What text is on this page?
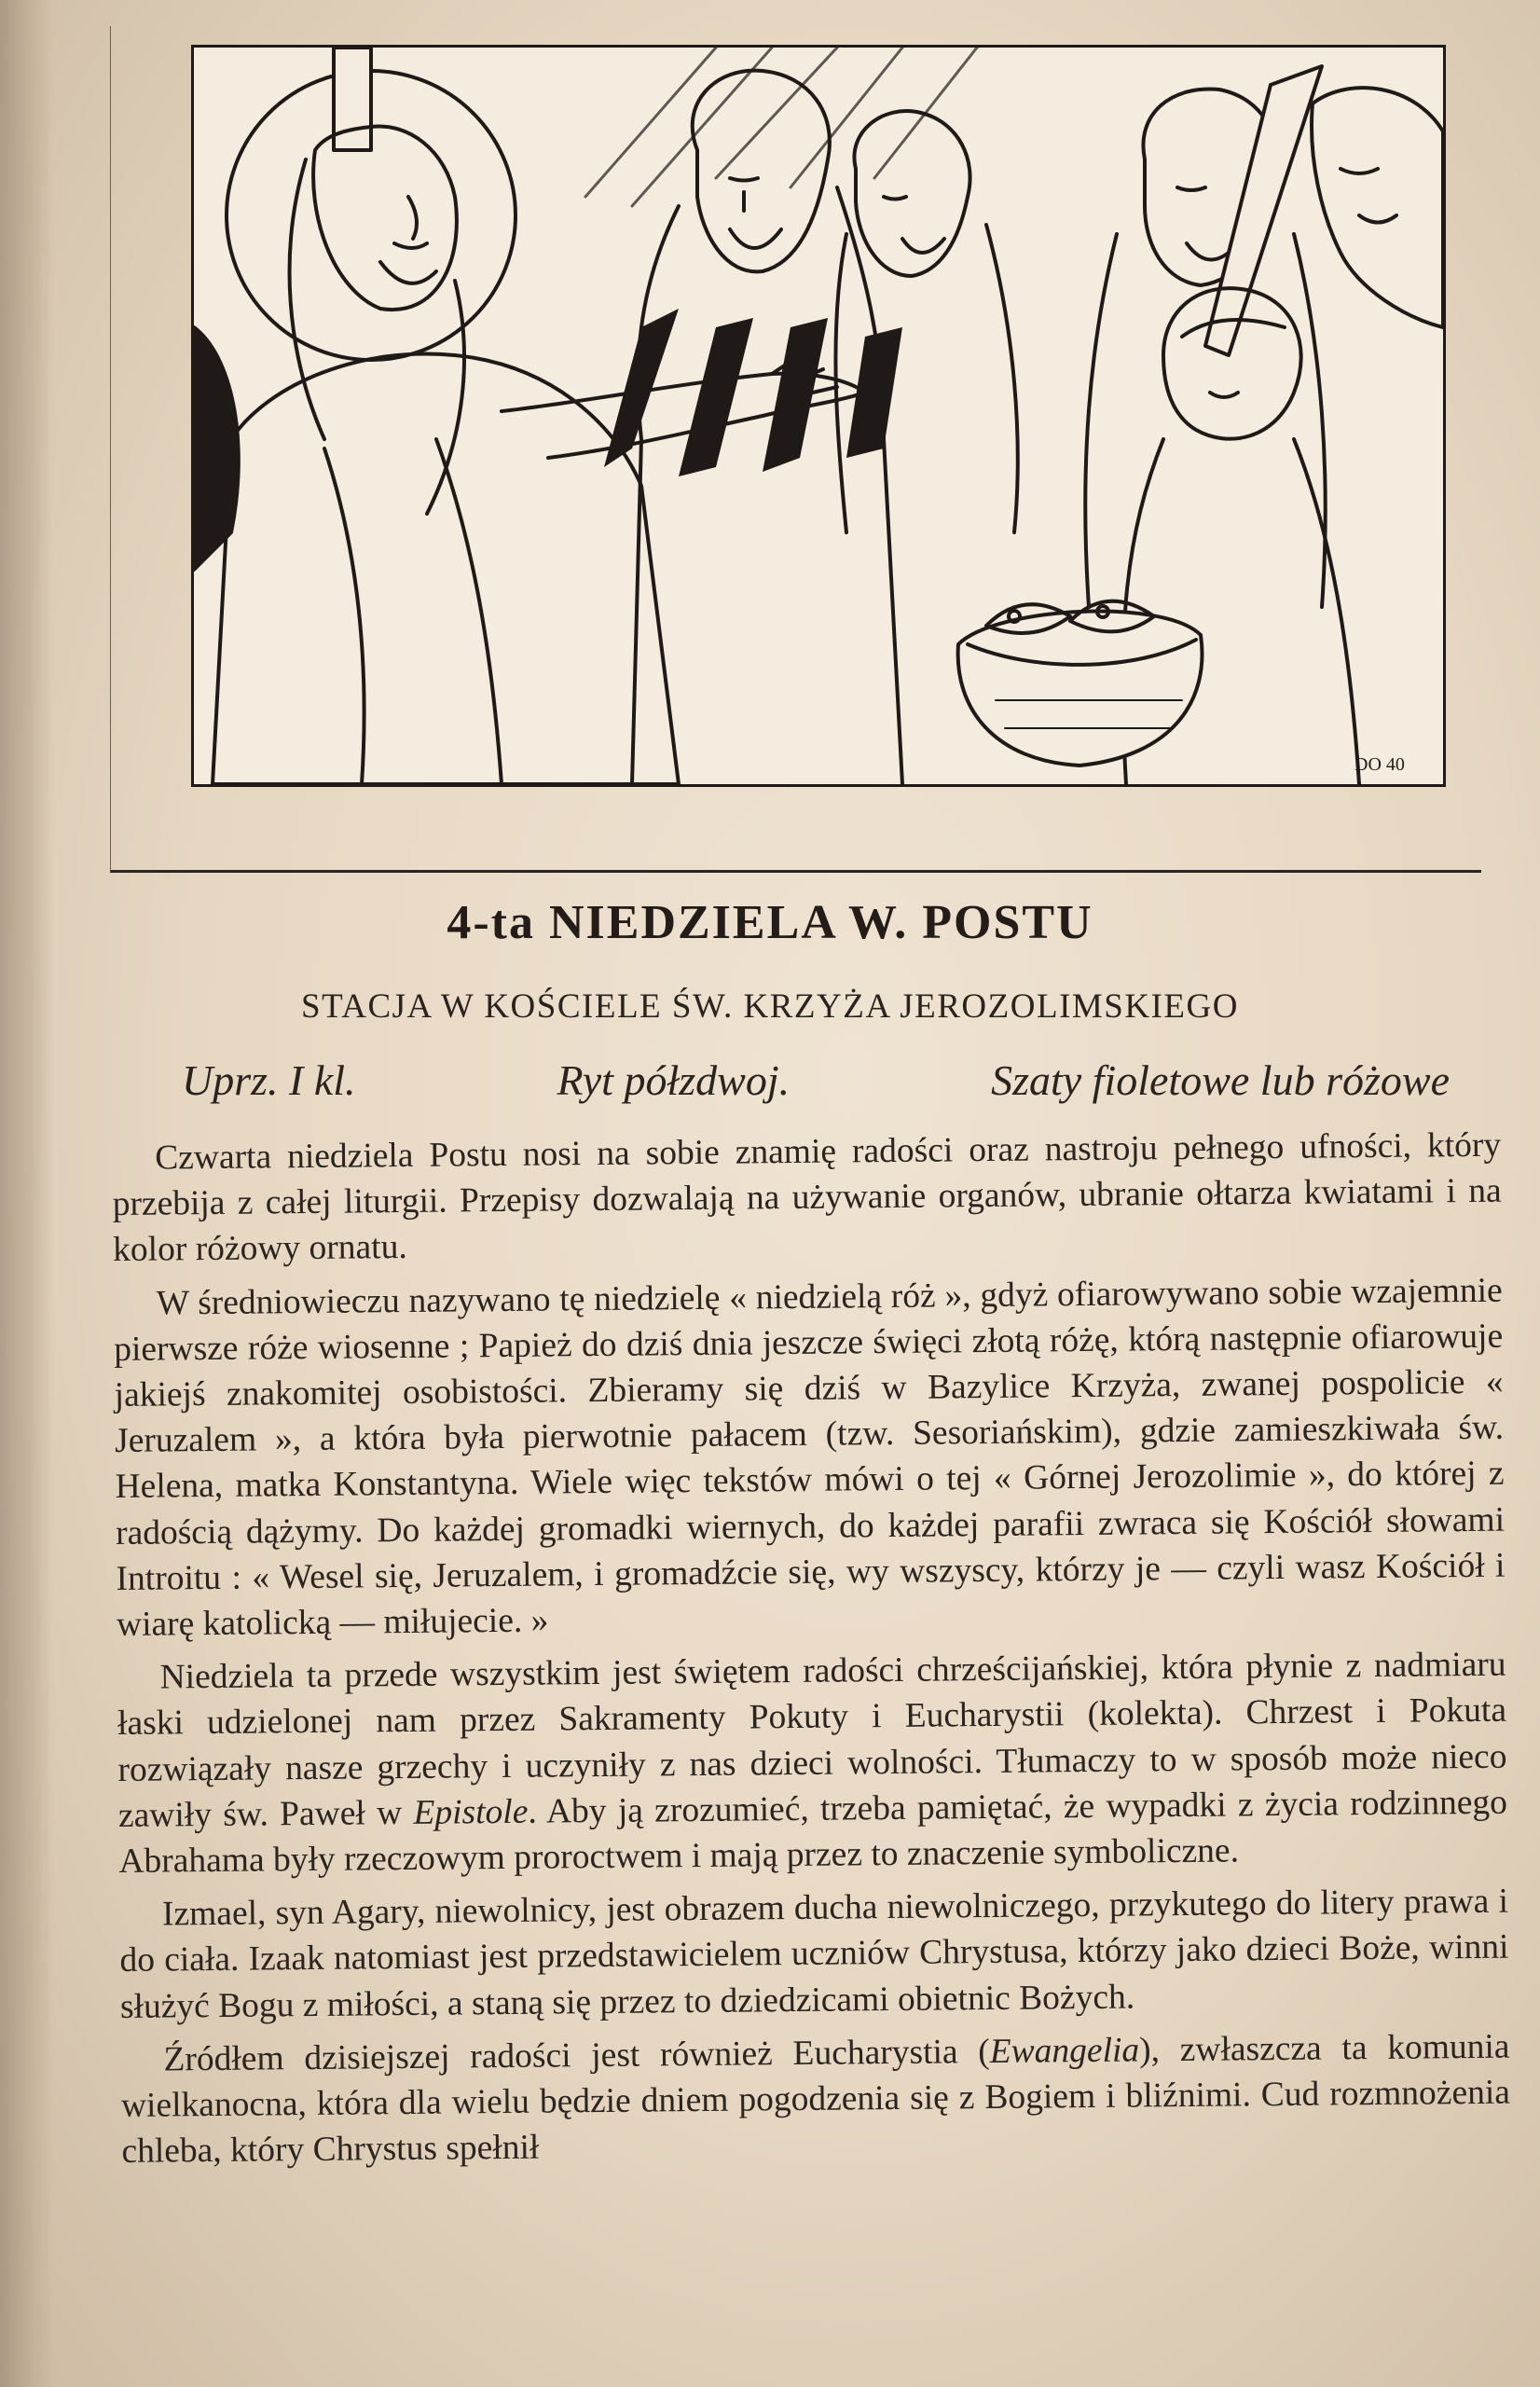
DO 40
4-ta NIEDZIELA W. POSTU
STACJA W KOŚCIELE ŚW. KRZYŻA JEROZOLIMSKIEGO
Uprz. I kl.	Ryt półzdwoj.	Szaty fioletowe lub różowe

Czwarta niedziela Postu nosi na sobie znamię radości oraz nastroju pełnego ufności, który przebija z całej liturgii. Przepisy dozwalają na używanie organów, ubranie ołtarza kwiatami i na kolor różowy ornatu.

W średniowieczu nazywano tę niedzielę « niedzielą róż », gdyż ofiarowywano sobie wzajemnie pierwsze róże wiosenne ; Papież do dziś dnia jeszcze święci złotą różę, którą następnie ofiarowuje jakiejś znakomitej osobistości. Zbieramy się dziś w Bazylice Krzyża, zwanej pospolicie « Jeruzalem », a która była pierwotnie pałacem (tzw. Sesoriańskim), gdzie zamieszkiwała św. Helena, matka Konstantyna. Wiele więc tekstów mówi o tej « Górnej Jerozolimie », do której z radością dążymy. Do każdej gromadki wiernych, do każdej parafii zwraca się Kościół słowami Introitu : « Wesel się, Jeruzalem, i gromadźcie się, wy wszyscy, którzy je — czyli wasz Kościół i wiarę katolicką — miłujecie. »

Niedziela ta przede wszystkim jest świętem radości chrześcijańskiej, która płynie z nadmiaru łaski udzielonej nam przez Sakramenty Pokuty i Eucharystii (kolekta). Chrzest i Pokuta rozwiązały nasze grzechy i uczyniły z nas dzieci wolności. Tłumaczy to w sposób może nieco zawiły św. Paweł w Epistole. Aby ją zrozumieć, trzeba pamiętać, że wypadki z życia rodzinnego Abrahama były rzeczowym proroctwem i mają przez to znaczenie symboliczne.

Izmael, syn Agary, niewolnicy, jest obrazem ducha niewolniczego, przykutego do litery prawa i do ciała. Izaak natomiast jest przedstawicielem uczniów Chrystusa, którzy jako dzieci Boże, winni służyć Bogu z miłości, a staną się przez to dziedzicami obietnic Bożych.

Źródłem dzisiejszej radości jest również Eucharystia (Ewangelia), zwłaszcza ta komunia wielkanocna, która dla wielu będzie dniem pogodzenia się z Bogiem i bliźnimi. Cud rozmnożenia chleba, który Chrystus spełnił
